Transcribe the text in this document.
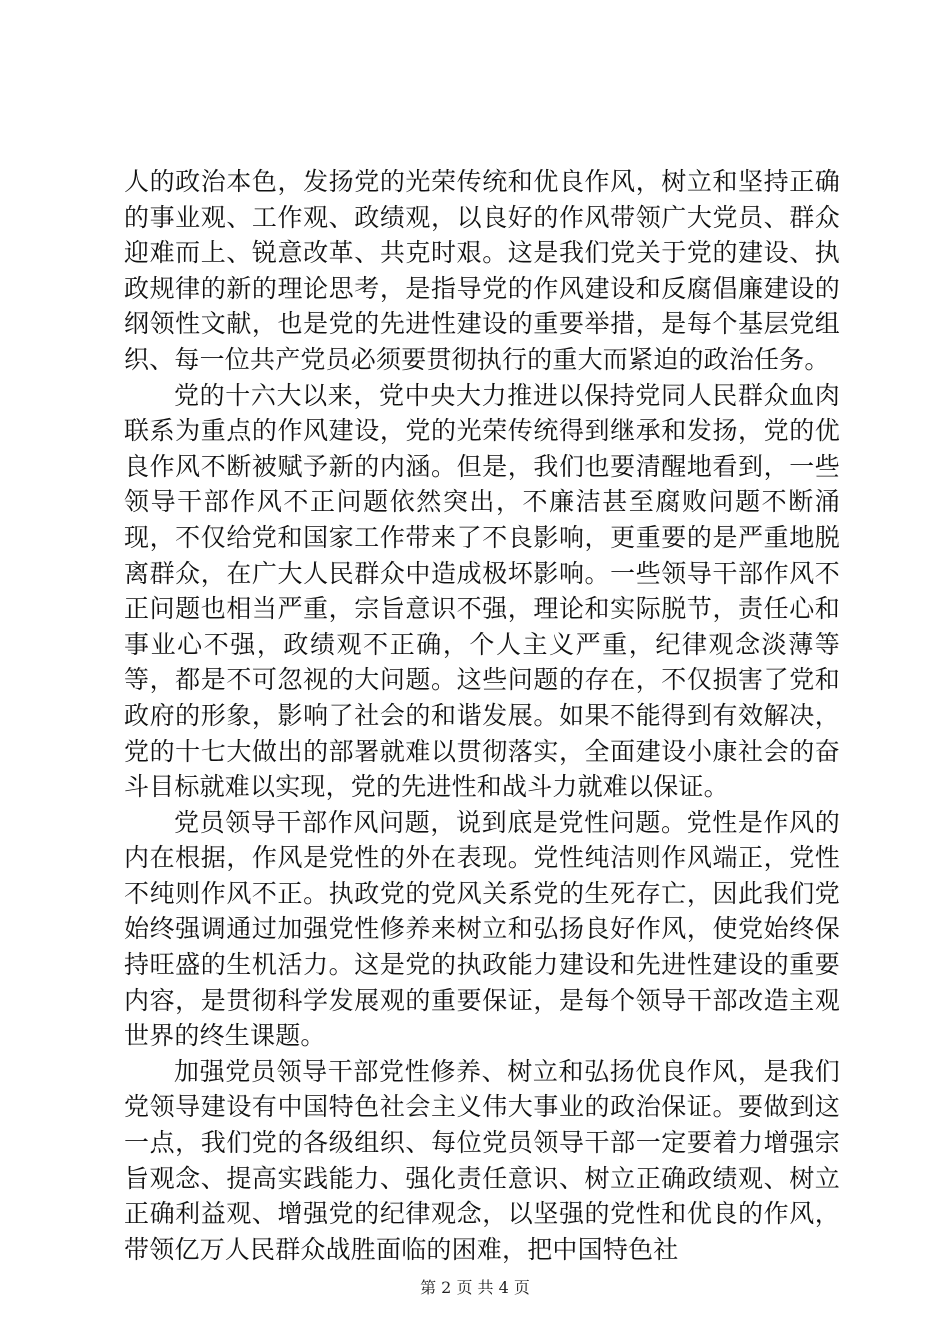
人的政治本色，发扬党的光荣传统和优良作风，树立和坚持正确的事业观、工作观、政绩观，以良好的作风带领广大党员、群众迎难而上、锐意改革、共克时艰。这是我们党关于党的建设、执政规律的新的理论思考，是指导党的作风建设和反腐倡廉建设的纲领性文献，也是党的先进性建设的重要举措，是每个基层党组织、每一位共产党员必须要贯彻执行的重大而紧迫的政治任务。

党的十六大以来，党中央大力推进以保持党同人民群众血肉联系为重点的作风建设，党的光荣传统得到继承和发扬，党的优良作风不断被赋予新的内涵。但是，我们也要清醒地看到，一些领导干部作风不正问题依然突出，不廉洁甚至腐败问题不断涌现，不仅给党和国家工作带来了不良影响，更重要的是严重地脱离群众，在广大人民群众中造成极坏影响。一些领导干部作风不正问题也相当严重，宗旨意识不强，理论和实际脱节，责任心和事业心不强，政绩观不正确，个人主义严重，纪律观念淡薄等等，都是不可忽视的大问题。这些问题的存在，不仅损害了党和政府的形象，影响了社会的和谐发展。如果不能得到有效解决，党的十七大做出的部署就难以贯彻落实，全面建设小康社会的奋斗目标就难以实现，党的先进性和战斗力就难以保证。

党员领导干部作风问题，说到底是党性问题。党性是作风的内在根据，作风是党性的外在表现。党性纯洁则作风端正，党性不纯则作风不正。执政党的党风关系党的生死存亡，因此我们党始终强调通过加强党性修养来树立和弘扬良好作风，使党始终保持旺盛的生机活力。这是党的执政能力建设和先进性建设的重要内容，是贯彻科学发展观的重要保证，是每个领导干部改造主观世界的终生课题。

加强党员领导干部党性修养、树立和弘扬优良作风，是我们党领导建设有中国特色社会主义伟大事业的政治保证。要做到这一点，我们党的各级组织、每位党员领导干部一定要着力增强宗旨观念、提高实践能力、强化责任意识、树立正确政绩观、树立正确利益观、增强党的纪律观念，以坚强的党性和优良的作风，带领亿万人民群众战胜面临的困难，把中国特色社

第 2 页 共 4 页
